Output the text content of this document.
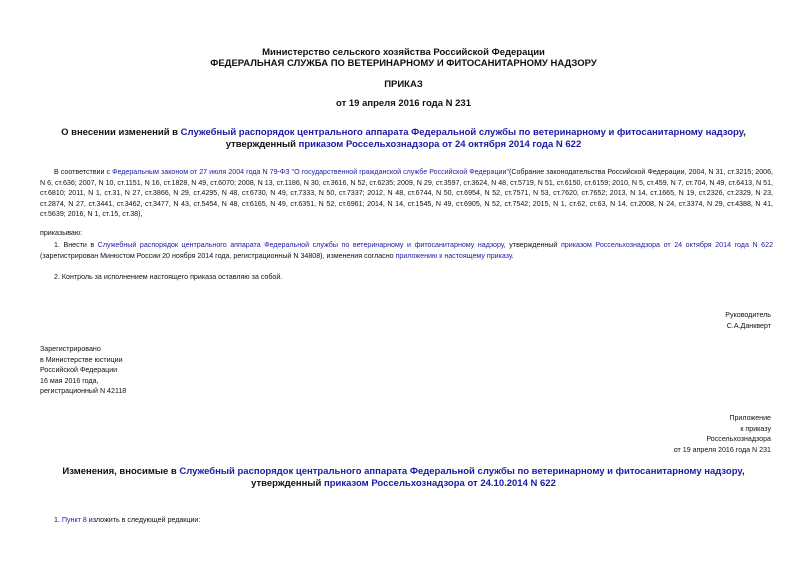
Министерство сельского хозяйства Российской Федерации
ФЕДЕРАЛЬНАЯ СЛУЖБА ПО ВЕТЕРИНАРНОМУ И ФИТОСАНИТАРНОМУ НАДЗОРУ
ПРИКАЗ
от 19 апреля 2016 года N 231
О внесении изменений в Служебный распорядок центрального аппарата Федеральной службы по ветеринарному и фитосанитарному надзору, утвержденный приказом Россельхознадзора от 24 октября 2014 года N 622
В соответствии с Федеральным законом от 27 июля 2004 года N 79-ФЗ "О государственной гражданской службе Российской Федерации"(Собрание законодательства Российской Федерации, 2004, N 31, ст.3215; 2006, N 6, ст.636; 2007, N 10, ст.1151, N 16, ст.1828, N 49, ст.6070; 2008, N 13, ст.1186, N 30, ст.3616, N 52, ст.6235; 2009, N 29, ст.3597, ст.3624, N 48, ст.5719, N 51, ст.6150, ст.6159; 2010, N 5, ст.459, N 7, ст.704, N 49, ст.6413, N 51, ст.6810; 2011, N 1, ст.31, N 27, ст.3866, N 29, ст.4295, N 48, ст.6730, N 49, ст.7333, N 50, ст.7337; 2012, N 48, ст.6744, N 50, ст.6954, N 52, ст.7571, N 53, ст.7620, ст.7652; 2013, N 14, ст.1665, N 19, ст.2326, ст.2329, N 23, ст.2874, N 27, ст.3441, ст.3462, ст.3477, N 43, ст.5454, N 48, ст.6165, N 49, ст.6351, N 52, ст.6961; 2014, N 14, ст.1545, N 49, ст.6905, N 52, ст.7542; 2015, N 1, ст.62, ст.63, N 14, ст.2008, N 24, ст.3374, N 29, ст.4388, N 41, ст.5639; 2016, N 1, ст.15, ст.38),
приказываю:
1. Внести в Служебный распорядок центрального аппарата Федеральной службы по ветеринарному и фитосанитарному надзору, утвержденный приказом Россельхознадзора от 24 октября 2014 года N 622 (зарегистрирован Минюстом России 20 ноября 2014 года, регистрационный N 34808), изменения согласно приложению к настоящему приказу.
2. Контроль за исполнением настоящего приказа оставляю за собой.
Руководитель
С.А.Данкверт
Зарегистрировано
в Министерстве юстиции
Российской Федерации
16 мая 2016 года,
регистрационный N 42118
Приложение
к приказу
Россельхознадзора
от 19 апреля 2016 года N 231
Изменения, вносимые в Служебный распорядок центрального аппарата Федеральной службы по ветеринарному и фитосанитарному надзору, утвержденный приказом Россельхознадзора от 24.10.2014 N 622
1. Пункт 8 изложить в следующей редакции:
